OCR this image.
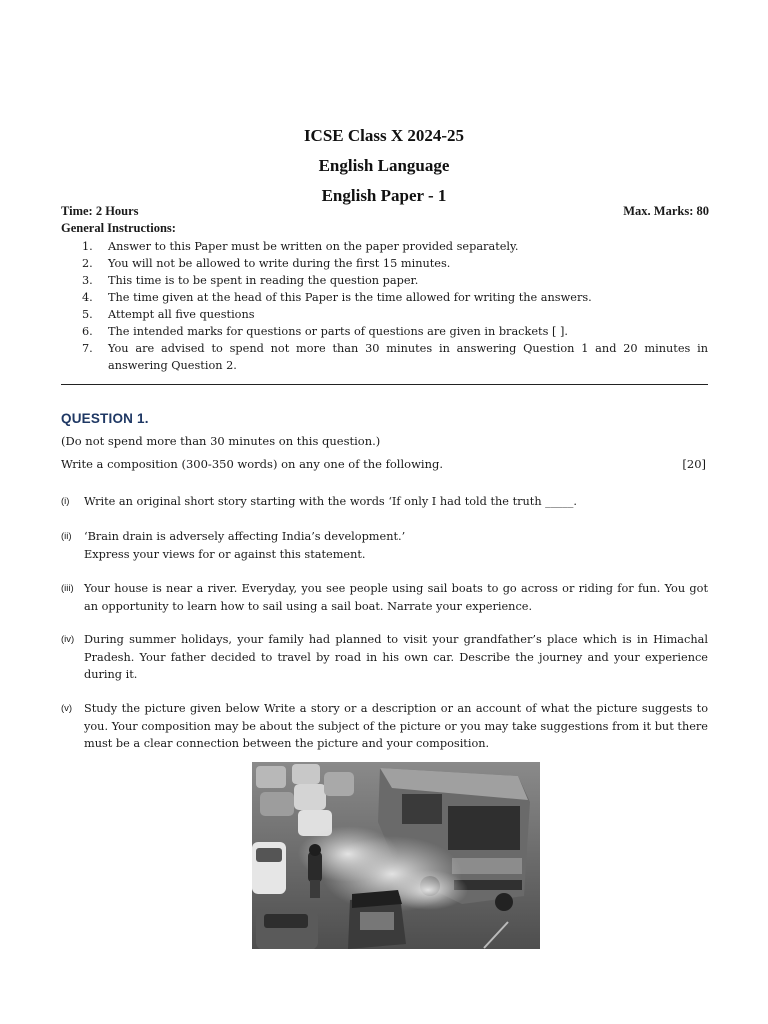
ICSE Class X 2024-25
English Language
English Paper - 1
Time: 2 Hours	Max. Marks: 80
General Instructions:
1. Answer to this Paper must be written on the paper provided separately.
2. You will not be allowed to write during the first 15 minutes.
3. This time is to be spent in reading the question paper.
4. The time given at the head of this Paper is the time allowed for writing the answers.
5. Attempt all five questions
6. The intended marks for questions or parts of questions are given in brackets [ ].
7. You are advised to spend not more than 30 minutes in answering Question 1 and 20 minutes in answering Question 2.
QUESTION 1.
(Do not spend more than 30 minutes on this question.)
Write a composition (300-350 words) on any one of the following.	[20]
(i) Write an original short story starting with the words ‘If only I had told the truth _____.
(ii) ‘Brain drain is adversely affecting India’s development.’
Express your views for or against this statement.
(iii) Your house is near a river. Everyday, you see people using sail boats to go across or riding for fun. You got an opportunity to learn how to sail using a sail boat. Narrate your experience.
(iv) During summer holidays, your family had planned to visit your grandfather’s place which is in Himachal Pradesh. Your father decided to travel by road in his own car. Describe the journey and your experience during it.
(v) Study the picture given below Write a story or a description or an account of what the picture suggests to you. Your composition may be about the subject of the picture or you may take suggestions from it but there must be a clear connection between the picture and your composition.
